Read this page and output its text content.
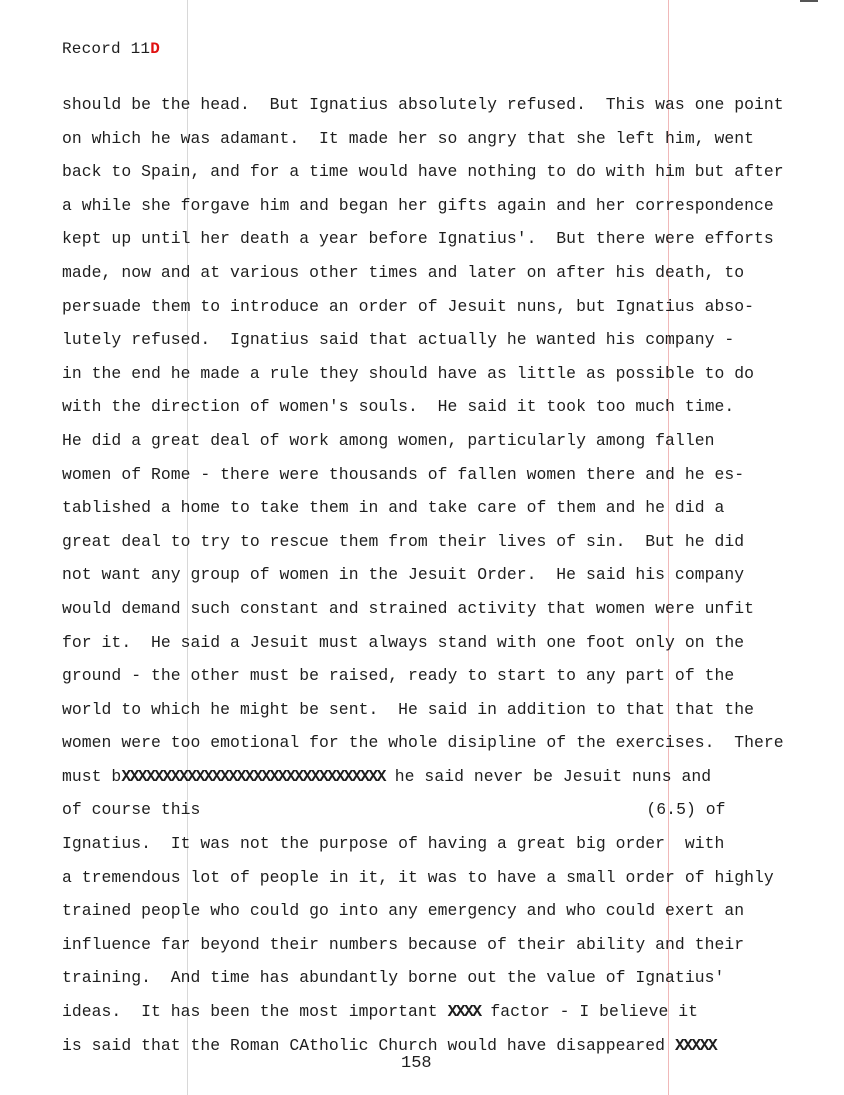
Record 11D
should be the head.  But Ignatius absolutely refused.  This was one point
on which he was adamant.  It made her so angry that she left him, went
back to Spain, and for a time would have nothing to do with him but after
a while she forgave him and began her gifts again and her correspondence
kept up until her death a year before Ignatius'.  But there were efforts
made, now and at various other times and later on after his death, to
persuade them to introduce an order of Jesuit nuns, but Ignatius abso-
lutely refused.  Ignatius said that actually he wanted his company -
in the end he made a rule they should have as little as possible to do
with the direction of women's souls.  He said it took too much time.
He did a great deal of work among women, particularly among fallen
women of Rome - there were thousands of fallen women there and he es-
tablished a home to take them in and take care of them and he did a
great deal to try to rescue them from their lives of sin.  But he did
not want any group of women in the Jesuit Order.  He said his company
would demand such constant and strained activity that women were unfit
for it.  He said a Jesuit must always stand with one foot only on the
ground - the other must be raised, ready to start to any part of the
world to which he might be sent.  He said in addition to that that the
women were too emotional for the whole disipline of the exercises.  There
must bXXXXXXXXXXXXXXXXXXXXXXXXXXXXXXXX he said never be Jesuit nuns and
of course this	(6.5) of
Ignatius.  It was not the purpose of having a great big order  with
a tremendous lot of people in it, it was to have a small order of highly
trained people who could go into any emergency and who could exert an
influence far beyond their numbers because of their ability and their
training.  And time has abundantly borne out the value of Ignatius'
ideas.  It has been the most important XXXX factor - I believe it
is said that the Roman CAtholic Church would have disappeared XXXXX
158
